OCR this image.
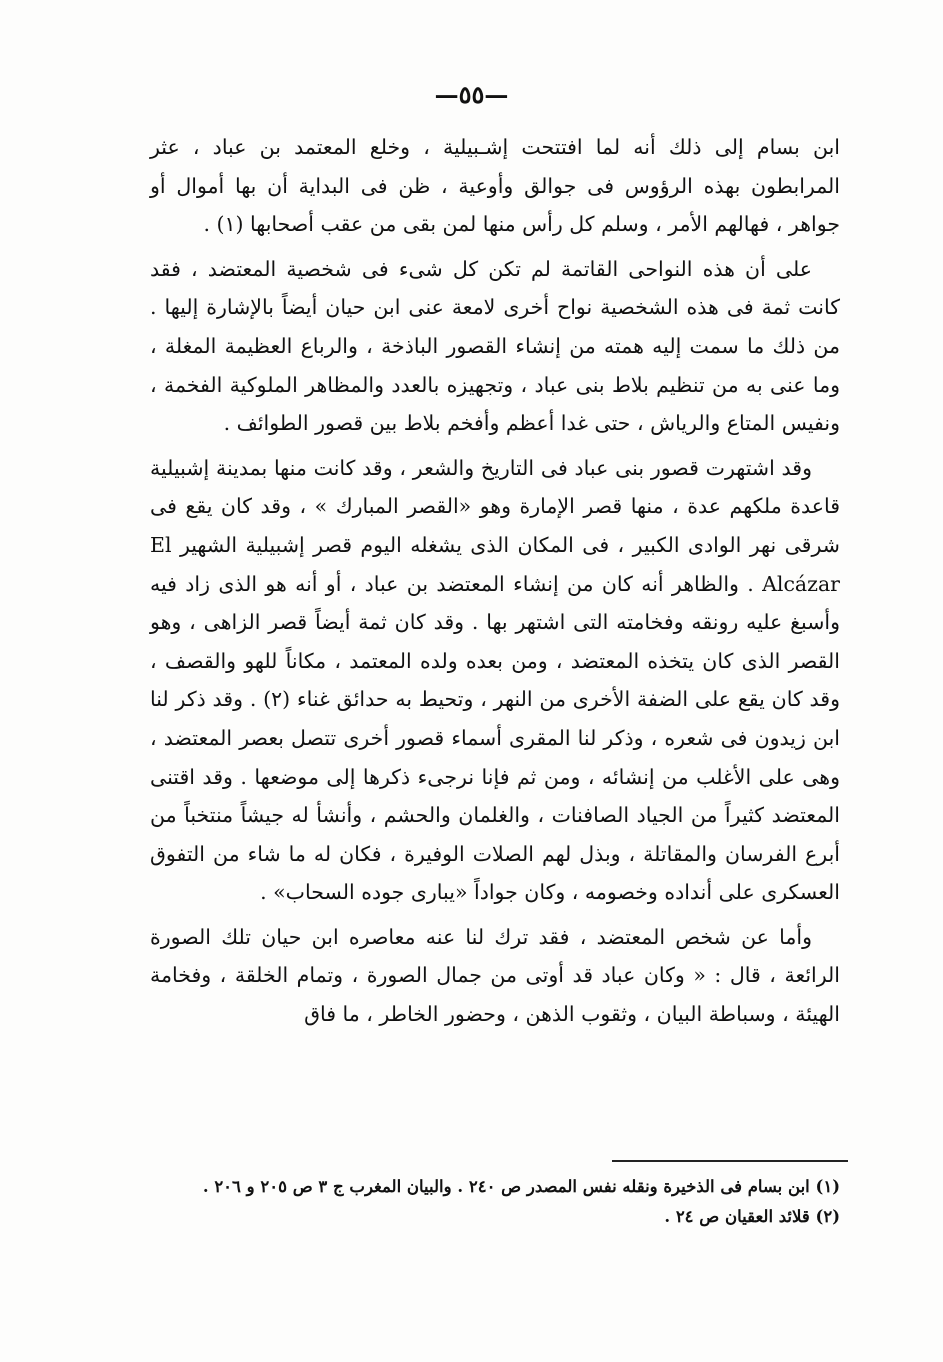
—٥٥—

ابن بسام إلى ذلك أنه لما افتتحت إشـبيلية ، وخلع المعتمد بن عباد ، عثر المرابطون بهذه الرؤوس فى جوالق وأوعية ، ظن فى البداية أن بها أموال أو جواهر ، فهالهم الأمر ، وسلم كل رأس منها لمن بقى من عقب أصحابها (١) .

على أن هذه النواحى القاتمة لم تكن كل شىء فى شخصية المعتضد ، فقد كانت ثمة فى هذه الشخصية نواح أخرى لامعة عنى ابن حيان أيضاً بالإشارة إليها . من ذلك ما سمت إليه همته من إنشاء القصور الباذخة ، والرباع العظيمة المغلة ، وما عنى به من تنظيم بلاط بنى عباد ، وتجهيزه بالعدد والمظاهر الملوكية الفخمة ، ونفيس المتاع والرياش ، حتى غدا أعظم وأفخم بلاط بين قصور الطوائف .

وقد اشتهرت قصور بنى عباد فى التاريخ والشعر ، وقد كانت منها بمدينة إشبيلية قاعدة ملكهم عدة ، منها قصر الإمارة وهو «القصر المبارك » ، وقد كان يقع فى شرقى نهر الوادى الكبير ، فى المكان الذى يشغله اليوم قصر إشبيلية الشهير El Alcázar . والظاهر أنه كان من إنشاء المعتضد بن عباد ، أو أنه هو الذى زاد فيه وأسبغ عليه رونقه وفخامته التى اشتهر بها . وقد كان ثمة أيضاً قصر الزاهى ، وهو القصر الذى كان يتخذه المعتضد ، ومن بعده ولده المعتمد ، مكاناً للهو والقصف ، وقد كان يقع على الضفة الأخرى من النهر ، وتحيط به حدائق غناء (٢) . وقد ذكر لنا ابن زيدون فى شعره ، وذكر لنا المقرى أسماء قصور أخرى تتصل بعصر المعتضد ، وهى على الأغلب من إنشائه ، ومن ثم فإنا نرجىء ذكرها إلى موضعها . وقد اقتنى المعتضد كثيراً من الجياد الصافنات ، والغلمان والحشم ، وأنشأ له جيشاً منتخباً من أبرع الفرسان والمقاتلة ، وبذل لهم الصلات الوفيرة ، فكان له ما شاء من التفوق العسكرى على أنداده وخصومه ، وكان جواداً «يبارى جوده السحاب» .

وأما عن شخص المعتضد ، فقد ترك لنا عنه معاصره ابن حيان تلك الصورة الرائعة ، قال : « وكان عباد قد أوتى من جمال الصورة ، وتمام الخلقة ، وفخامة الهيئة ، وسباطة البيان ، وثقوب الذهن ، وحضور الخاطر ، ما فاق

(١) ابن بسام فى الذخيرة ونقله نفس المصدر ص ٢٤٠ . والبيان المغرب ج ٣ ص ٢٠٥ و ٢٠٦ .

(٢) قلائد العقيان ص ٢٤ .
